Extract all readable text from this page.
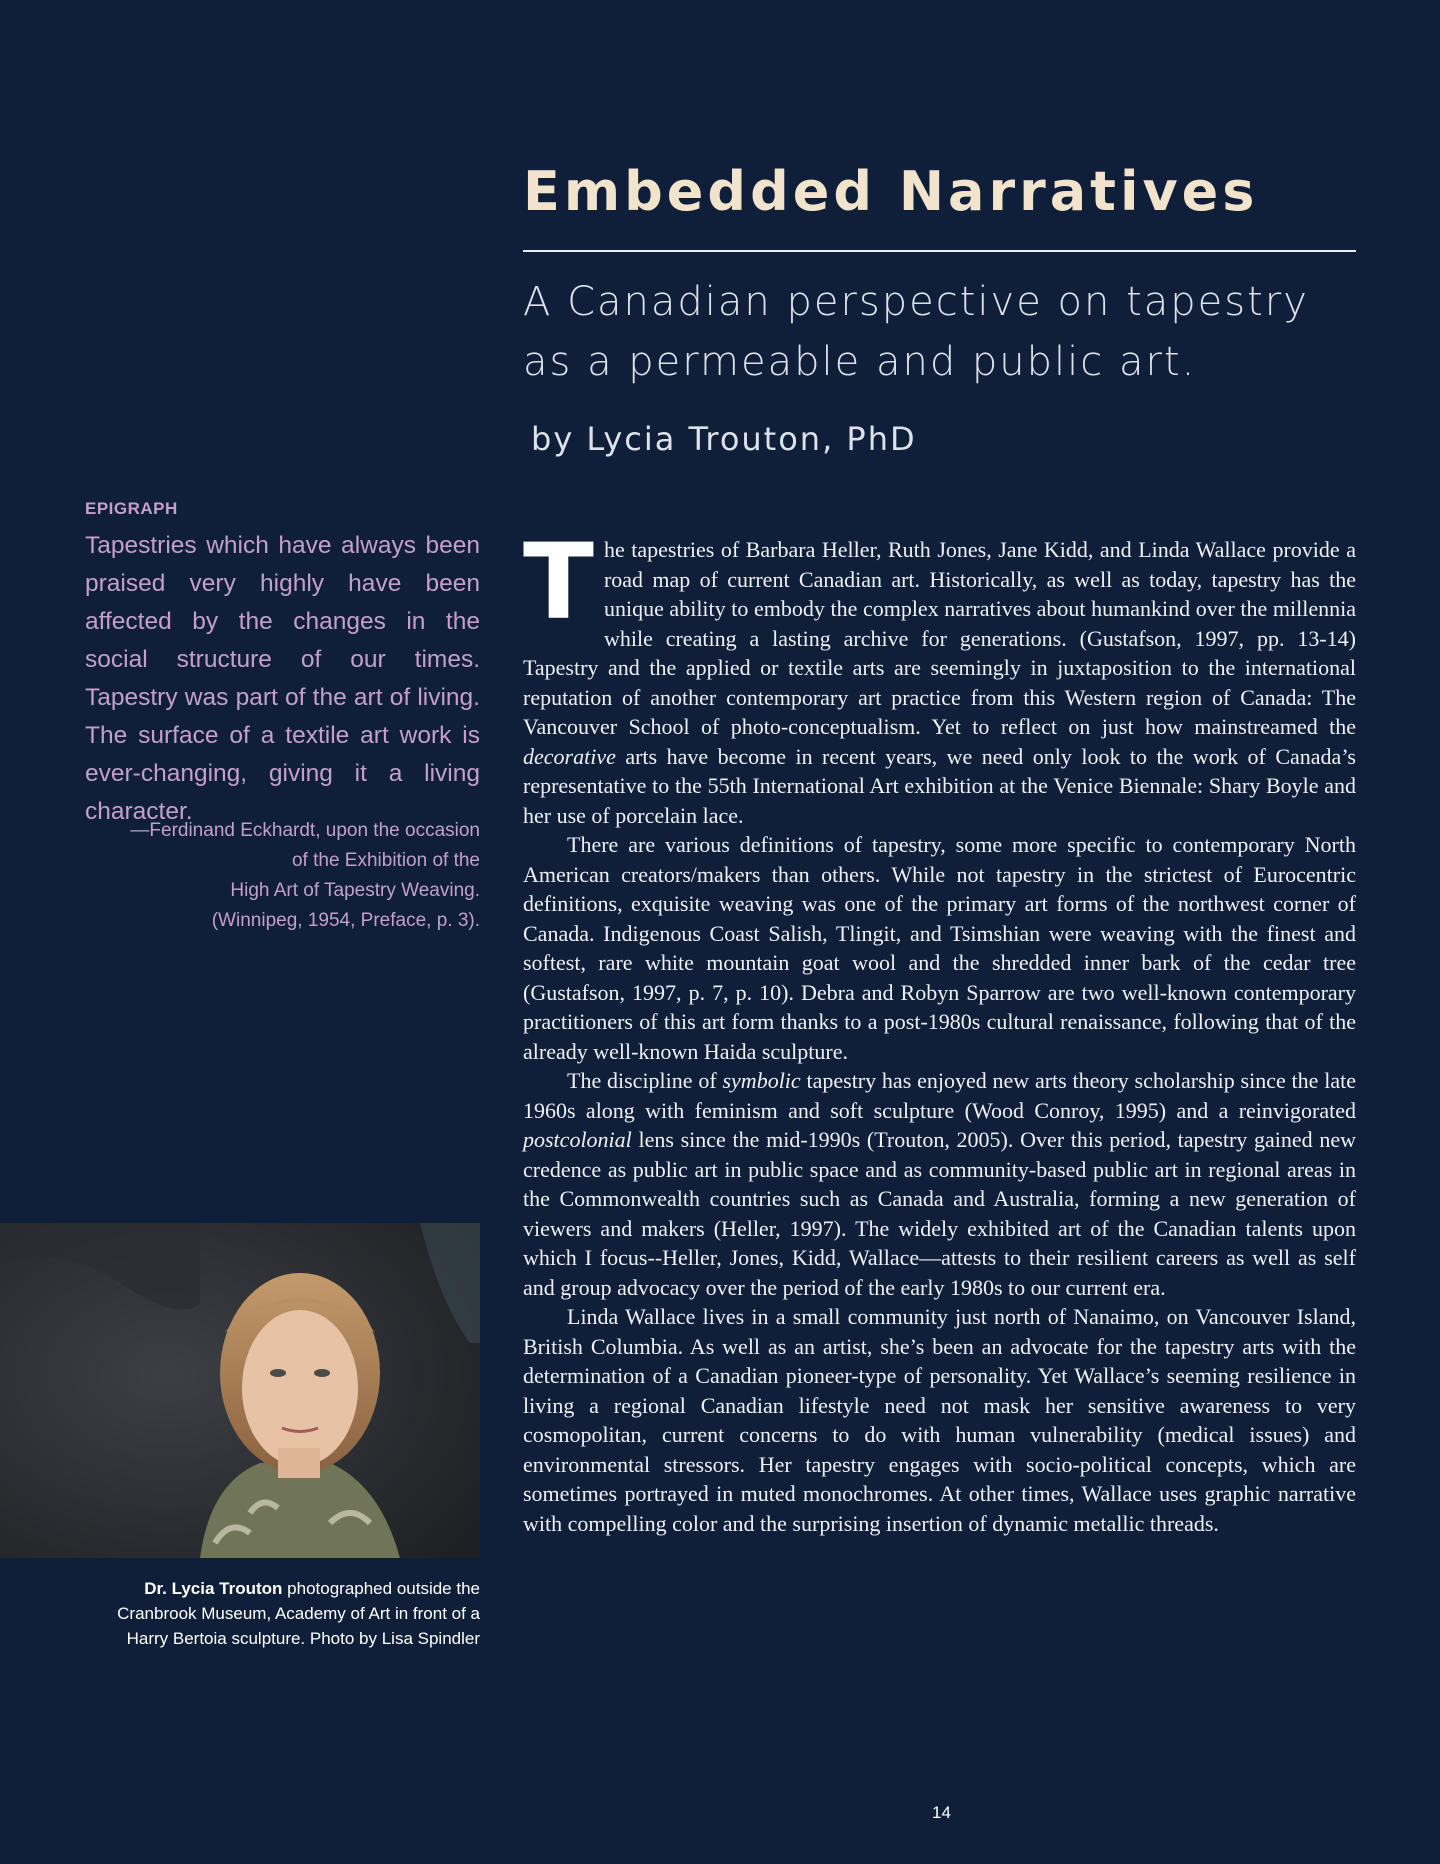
Embedded Narratives
A Canadian perspective on tapestry
as a permeable and public art.
by Lycia Trouton, PhD
EPIGRAPH
Tapestries which have always been praised very highly have been affected by the changes in the social structure of our times. Tapestry was part of the art of living. The surface of a textile art work is ever-changing, giving it a living character.
—Ferdinand Eckhardt, upon the occasion
of the Exhibition of the
High Art of Tapestry Weaving.
(Winnipeg, 1954, Preface, p. 3).
Dr. Lycia Trouton photographed outside the
Cranbrook Museum, Academy of Art in front of a
Harry Bertoia sculpture. Photo by Lisa Spindler

The tapestries of Barbara Heller, Ruth Jones, Jane Kidd, and Linda Wallace provide a road map of current Canadian art. Historically, as well as today, tapestry has the unique ability to embody the complex narratives about humankind over the millennia while creating a lasting archive for generations. (Gustafson, 1997, pp. 13-14) Tapestry and the applied or textile arts are seemingly in juxtaposition to the international reputation of another contemporary art practice from this Western region of Canada: The Vancouver School of photo-conceptualism. Yet to reflect on just how mainstreamed the decorative arts have become in recent years, we need only look to the work of Canada’s representative to the 55th International Art exhibition at the Venice Biennale: Shary Boyle and her use of porcelain lace.

There are various definitions of tapestry, some more specific to contemporary North American creators/makers than others. While not tapestry in the strictest of Eurocentric definitions, exquisite weaving was one of the primary art forms of the northwest corner of Canada. Indigenous Coast Salish, Tlingit, and Tsimshian were weaving with the finest and softest, rare white mountain goat wool and the shredded inner bark of the cedar tree (Gustafson, 1997, p. 7, p. 10). Debra and Robyn Sparrow are two well-known contemporary practitioners of this art form thanks to a post-1980s cultural renaissance, following that of the already well-known Haida sculpture.

The discipline of symbolic tapestry has enjoyed new arts theory scholarship since the late 1960s along with feminism and soft sculpture (Wood Conroy, 1995) and a reinvigorated postcolonial lens since the mid-1990s (Trouton, 2005). Over this period, tapestry gained new credence as public art in public space and as community-based public art in regional areas in the Commonwealth countries such as Canada and Australia, forming a new generation of viewers and makers (Heller, 1997). The widely exhibited art of the Canadian talents upon which I focus--Heller, Jones, Kidd, Wallace—attests to their resilient careers as well as self and group advocacy over the period of the early 1980s to our current era.

Linda Wallace lives in a small community just north of Nanaimo, on Vancouver Island, British Columbia. As well as an artist, she’s been an advocate for the tapestry arts with the determination of a Canadian pioneer-type of personality. Yet Wallace’s seeming resilience in living a regional Canadian lifestyle need not mask her sensitive awareness to very cosmopolitan, current concerns to do with human vulnerability (medical issues) and environmental stressors. Her tapestry engages with socio-political concepts, which are sometimes portrayed in muted monochromes. At other times, Wallace uses graphic narrative with compelling color and the surprising insertion of dynamic metallic threads.

14
